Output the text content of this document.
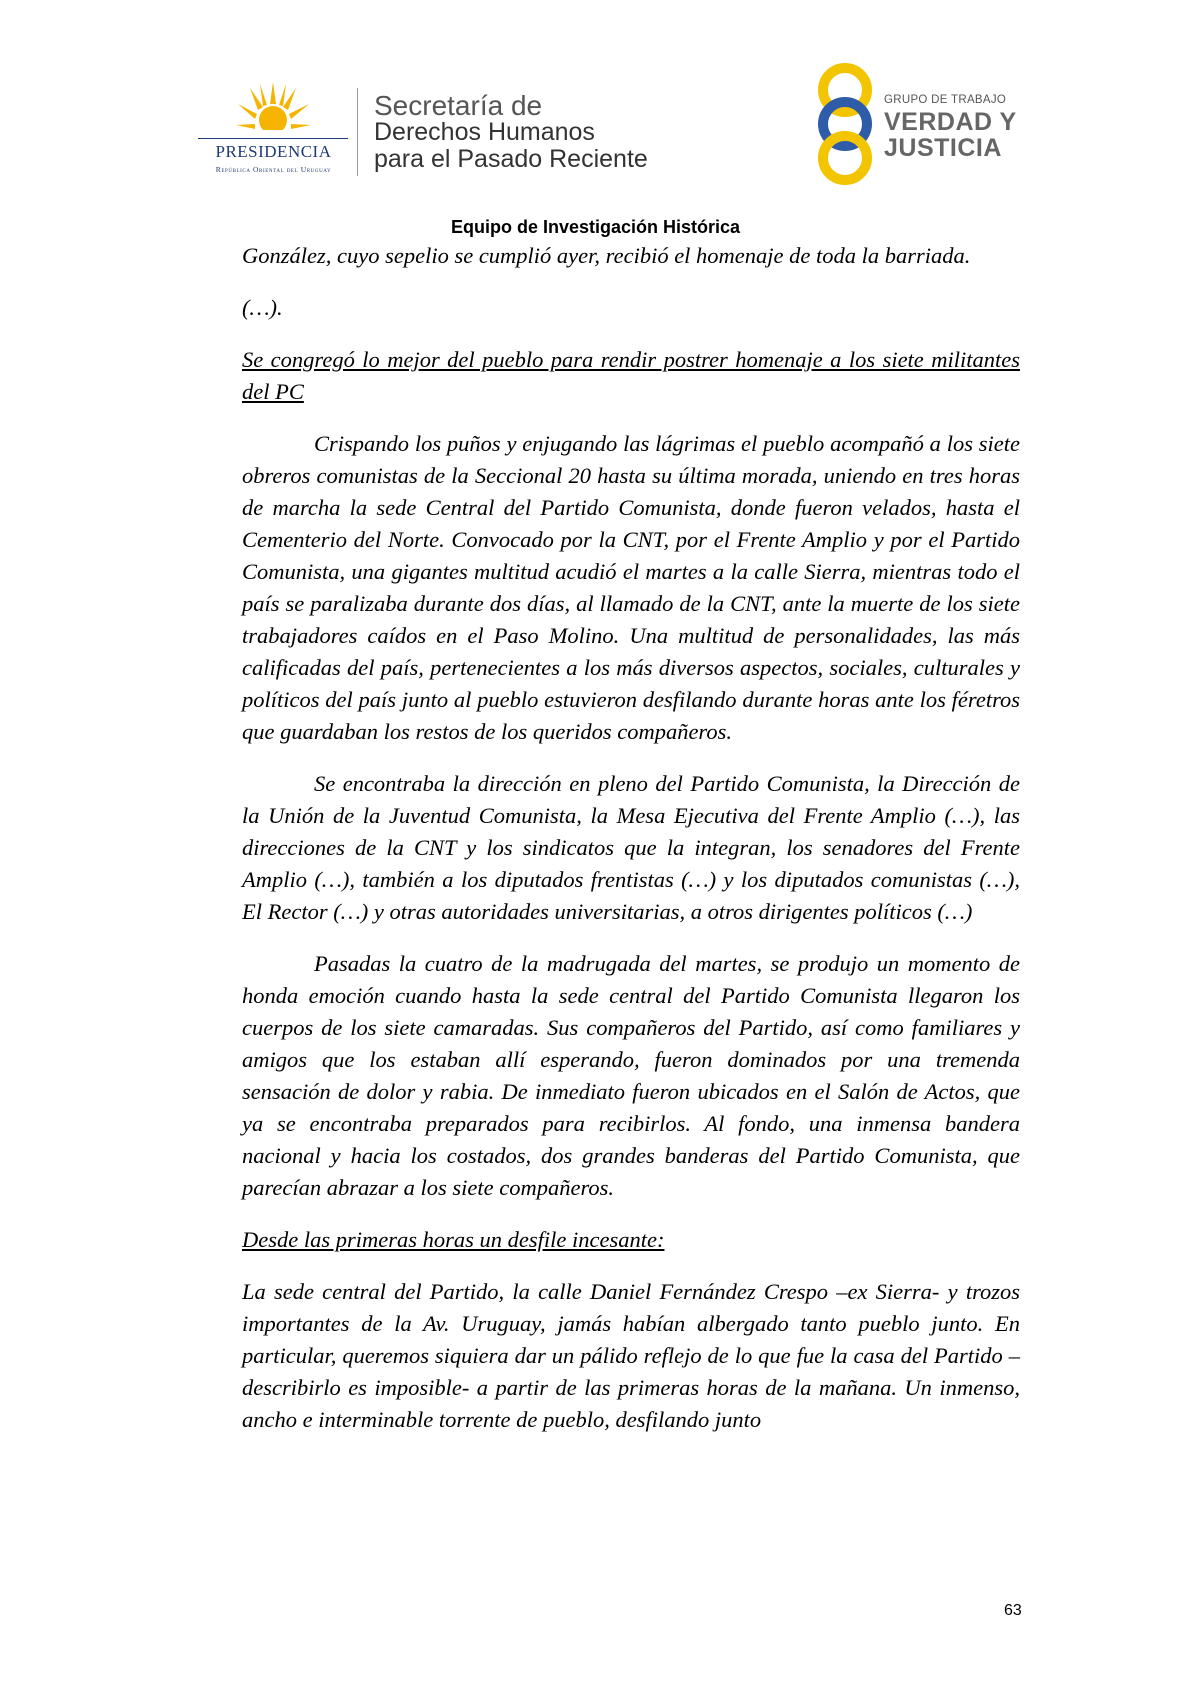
PRESIDENCIA
República Oriental del Uruguay
Secretaría de
Derechos Humanos
para el Pasado Reciente
GRUPO DE TRABAJO
VERDAD Y
JUSTICIA
Equipo de Investigación Histórica

González, cuyo sepelio se cumplió ayer, recibió el homenaje de toda la barriada.

(…).

Se congregó lo mejor del pueblo para rendir postrer homenaje a los siete militantes del PC

Crispando los puños y enjugando las lágrimas el pueblo acompañó a los siete obreros comunistas de la Seccional 20 hasta su última morada, uniendo en tres horas de marcha la sede Central del Partido Comunista, donde fueron velados, hasta el Cementerio del Norte. Convocado por la CNT, por el Frente Amplio y por el Partido Comunista, una gigantes multitud acudió el martes a la calle Sierra, mientras todo el país se paralizaba durante dos días, al llamado de la CNT, ante la muerte de los siete trabajadores caídos en el Paso Molino. Una multitud de personalidades, las más calificadas del país, pertenecientes a los más diversos aspectos, sociales, culturales y políticos del país junto al pueblo estuvieron desfilando durante horas ante los féretros que guardaban los restos de los queridos compañeros.

Se encontraba la dirección en pleno del Partido Comunista, la Dirección de la Unión de la Juventud Comunista, la Mesa Ejecutiva del Frente Amplio (…), las direcciones de la CNT y los sindicatos que la integran, los senadores del Frente Amplio (…), también a los diputados frentistas (…) y los diputados comunistas (…), El Rector (…) y otras autoridades universitarias, a otros dirigentes políticos (…)

Pasadas la cuatro de la madrugada del martes, se produjo un momento de honda emoción cuando hasta la sede central del Partido Comunista llegaron los cuerpos de los siete camaradas. Sus compañeros del Partido, así como familiares y amigos que los estaban allí esperando, fueron dominados por una tremenda sensación de dolor y rabia. De inmediato fueron ubicados en el Salón de Actos, que ya se encontraba preparados para recibirlos. Al fondo, una inmensa bandera nacional y hacia los costados, dos grandes banderas del Partido Comunista, que parecían abrazar a los siete compañeros.

Desde las primeras horas un desfile incesante:

La sede central del Partido, la calle Daniel Fernández Crespo –ex Sierra- y trozos importantes de la Av. Uruguay, jamás habían albergado tanto pueblo junto. En particular, queremos siquiera dar un pálido reflejo de lo que fue la casa del Partido –describirlo es imposible- a partir de las primeras horas de la mañana. Un inmenso, ancho e interminable torrente de pueblo, desfilando junto

63
